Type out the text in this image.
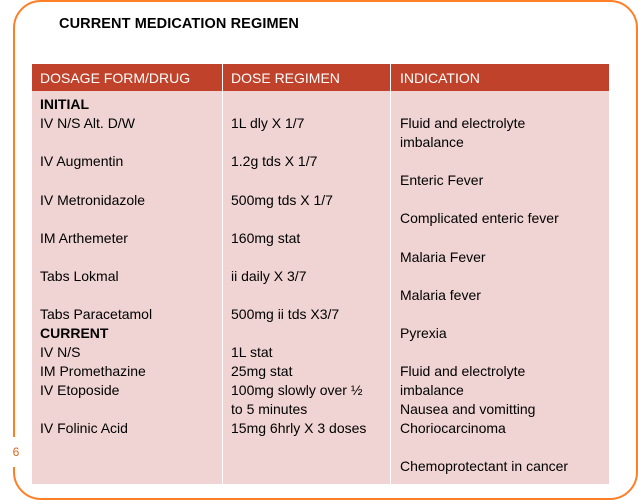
CURRENT MEDICATION REGIMEN
DOSAGE FORM/DRUG	DOSE REGIMEN	INDICATION
INITIAL
IV N/S Alt. D/W
IV Augmentin
IV Metronidazole
IM Arthemeter
Tabs Lokmal
Tabs Paracetamol
CURRENT
IV N/S
IM Promethazine
IV Etoposide
IV Folinic Acid
1L dly X 1/7
1.2g tds X 1/7
500mg tds X 1/7
160mg stat
ii daily X 3/7
500mg ii tds X3/7
1L stat
25mg stat
100mg slowly over ½
to 5 minutes
15mg 6hrly X 3 doses
Fluid and electrolyte
imbalance
Enteric Fever
Complicated enteric fever
Malaria Fever
Malaria fever
Pyrexia
Fluid and electrolyte
imbalance
Nausea and vomitting
Choriocarcinoma
Chemoprotectant in cancer
6
